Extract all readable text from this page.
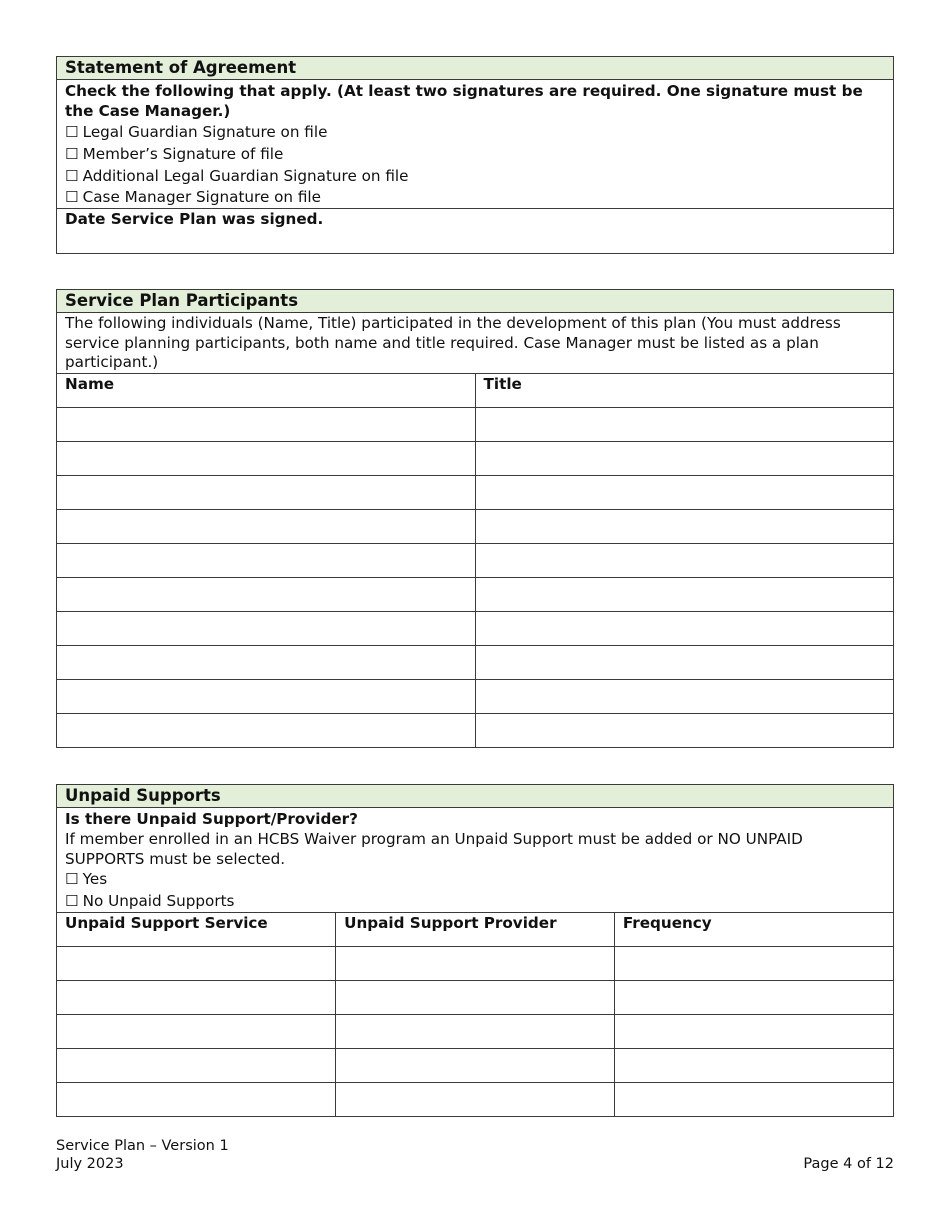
Statement of Agreement
Check the following that apply. (At least two signatures are required. One signature must be the Case Manager.)
☐ Legal Guardian Signature on file
☐ Member’s Signature of file
☐ Additional Legal Guardian Signature on file
☐ Case Manager Signature on file
Date Service Plan was signed.
Service Plan Participants
The following individuals (Name, Title) participated in the development of this plan (You must address service planning participants, both name and title required. Case Manager must be listed as a plan participant.)
Name	Title

Unpaid Supports
Is there Unpaid Support/Provider?
If member enrolled in an HCBS Waiver program an Unpaid Support must be added or NO UNPAID SUPPORTS must be selected.
☐ Yes
☐ No Unpaid Supports
Unpaid Support Service	Unpaid Support Provider	Frequency

Service Plan – Version 1
July 2023	Page 4 of 12
